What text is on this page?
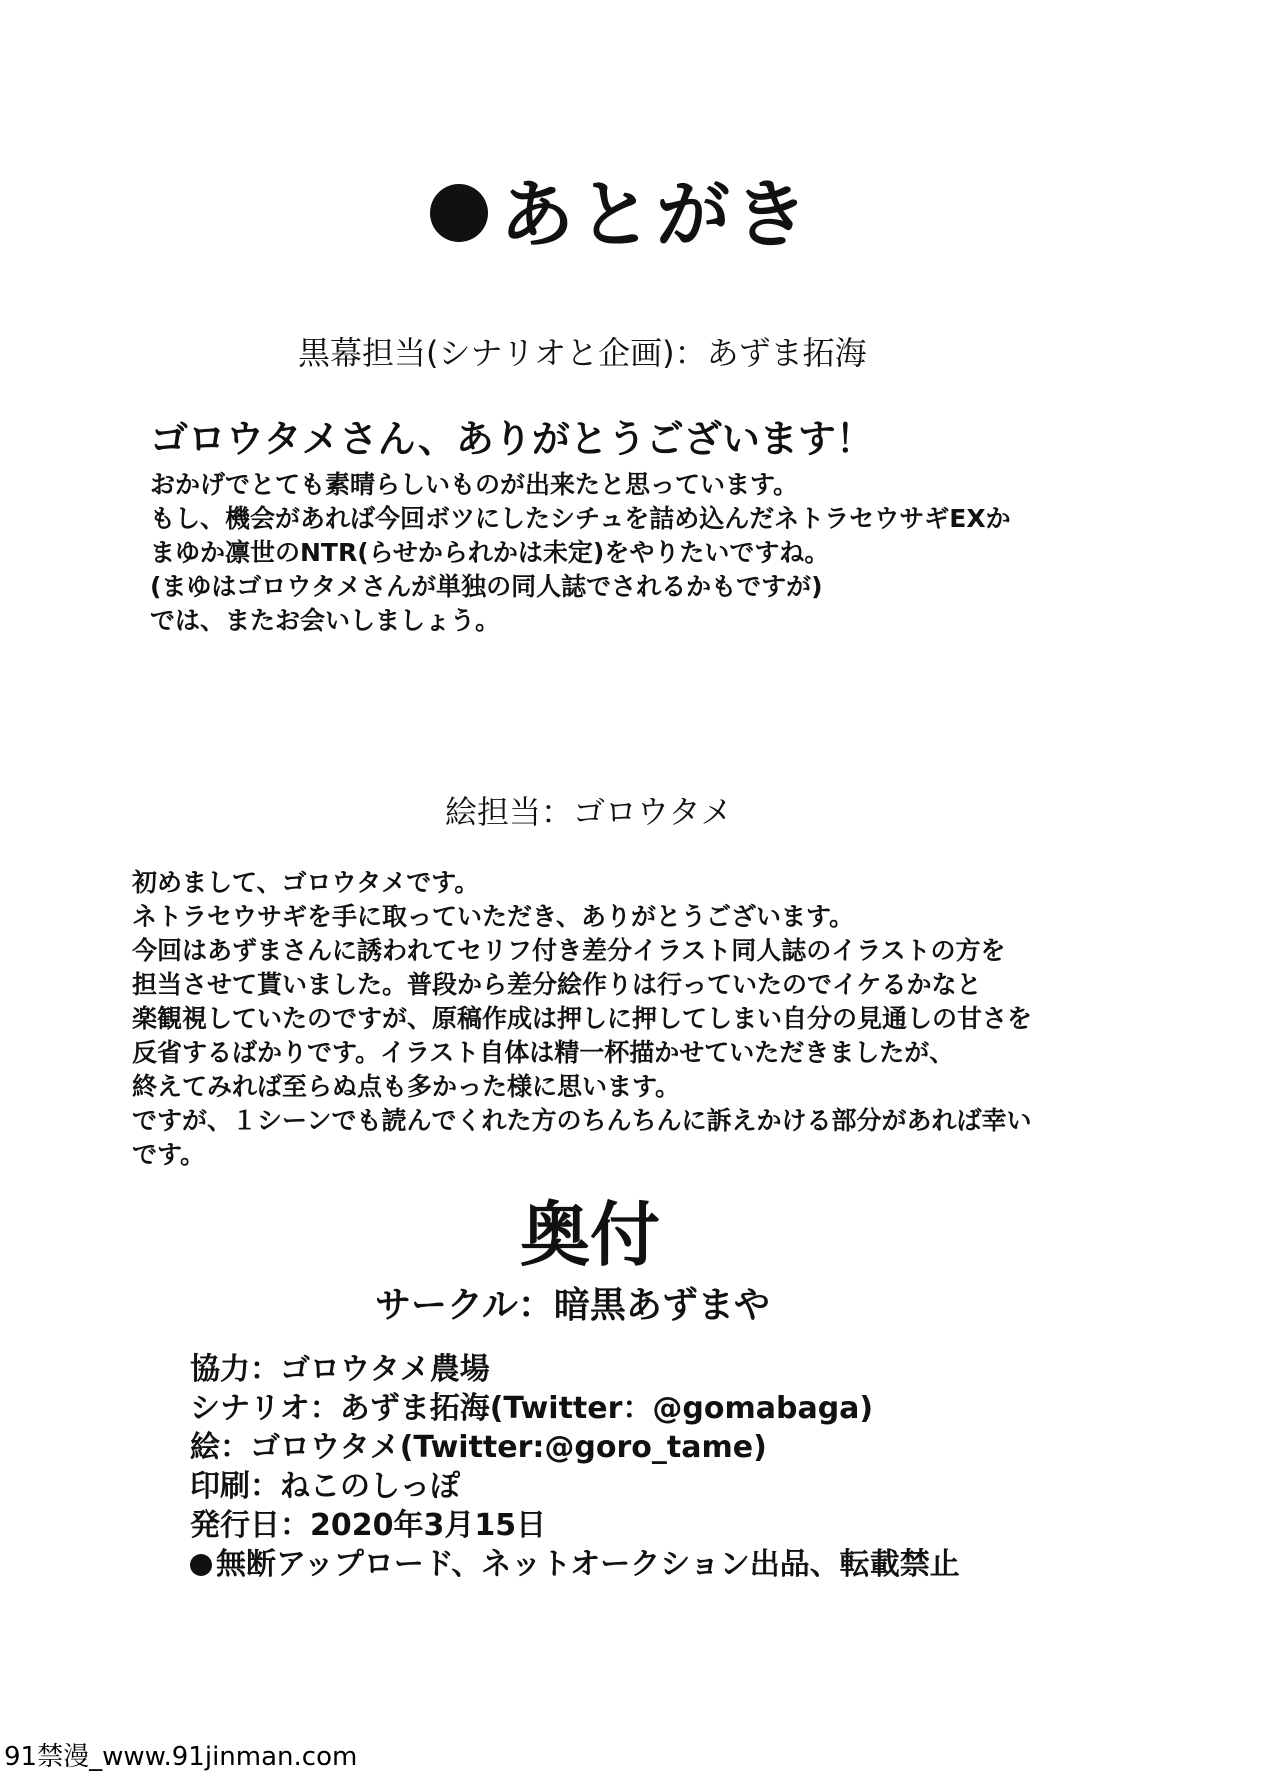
あとがき
黒幕担当(シナリオと企画)：あずま拓海
ゴロウタメさん、ありがとうございます！
おかげでとても素晴らしいものが出来たと思っています。
もし、機会があれば今回ボツにしたシチュを詰め込んだネトラセウサギEXか
まゆか凛世のNTR(らせかられかは未定)をやりたいですね。
(まゆはゴロウタメさんが単独の同人誌でされるかもですが)
では、またお会いしましょう。
絵担当：ゴロウタメ
初めまして、ゴロウタメです。
ネトラセウサギを手に取っていただき、ありがとうございます。
今回はあずまさんに誘われてセリフ付き差分イラスト同人誌のイラストの方を
担当させて貰いました。普段から差分絵作りは行っていたのでイケるかなと
楽観視していたのですが、原稿作成は押しに押してしまい自分の見通しの甘さを
反省するばかりです。イラスト自体は精一杯描かせていただきましたが、
終えてみれば至らぬ点も多かった様に思います。
ですが、１シーンでも読んでくれた方のちんちんに訴えかける部分があれば幸い
です。
奥付
サークル：暗黒あずまや
協力：ゴロウタメ農場
シナリオ：あずま拓海(Twitter：@gomabaga)
絵：ゴロウタメ(Twitter:@goro_tame)
印刷：ねこのしっぽ
発行日：2020年3月15日
無断アップロード、ネットオークション出品、転載禁止
91禁漫_www.91jinman.com
